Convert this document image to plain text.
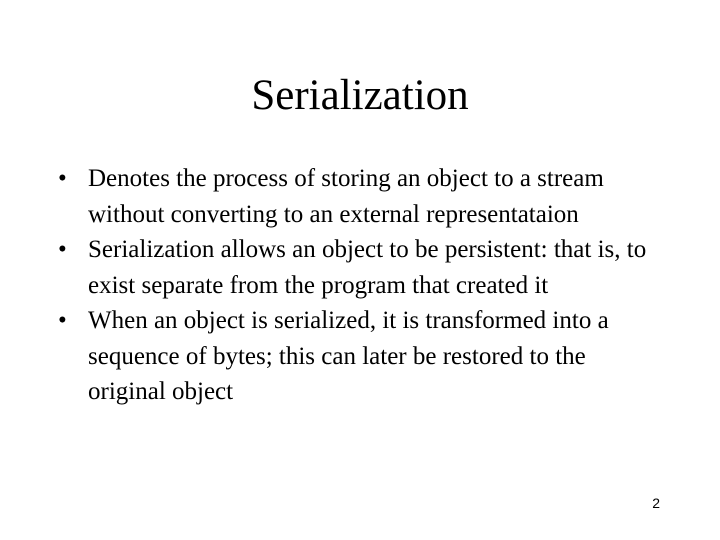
Serialization
• Denotes the process of storing an object to a stream without converting to an external representataion
• Serialization allows an object to be persistent: that is, to exist separate from the program that created it
• When an object is serialized, it is transformed into a sequence of bytes; this can later be restored to the original object
2
